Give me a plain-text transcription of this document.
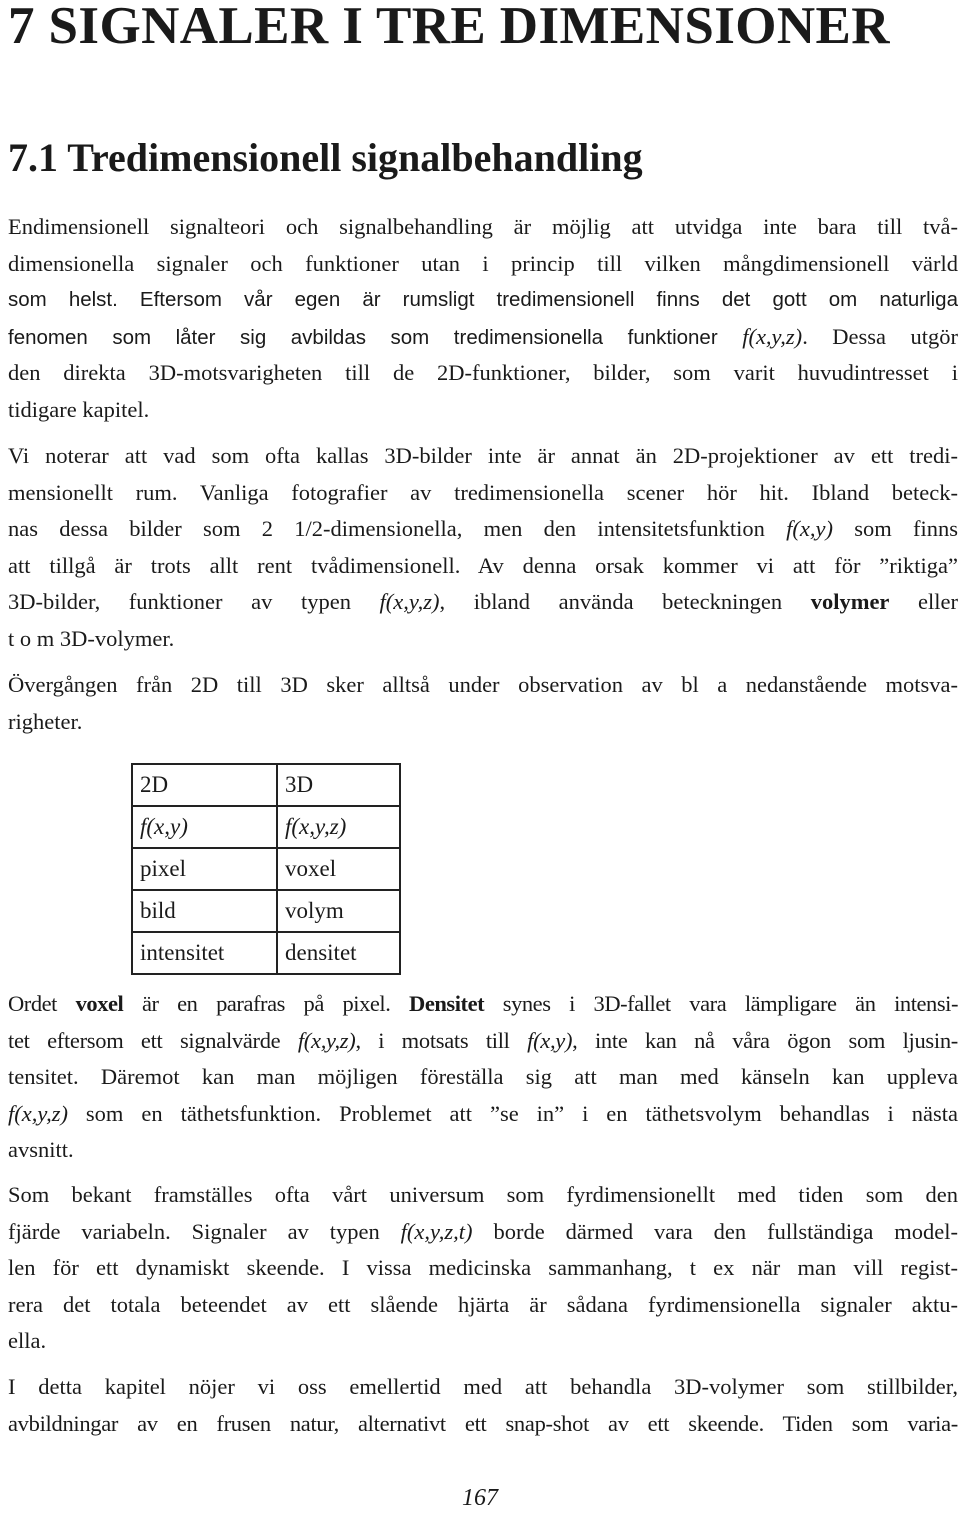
7 SIGNALER I TRE DIMENSIONER
7.1 Tredimensionell signalbehandling
Endimensionell signalteori och signalbehandling är möjlig att utvidga inte bara till två-
dimensionella signaler och funktioner utan i princip till vilken mångdimensionell värld
som helst. Eftersom vår egen är rumsligt tredimensionell finns det gott om naturliga
fenomen som låter sig avbildas som tredimensionella funktioner f(x,y,z). Dessa utgör
den direkta 3D-motsvarigheten till de 2D-funktioner, bilder, som varit huvudintresset i
tidigare kapitel.
Vi noterar att vad som ofta kallas 3D-bilder inte är annat än 2D-projektioner av ett tredi-
mensionellt rum. Vanliga fotografier av tredimensionella scener hör hit. Ibland beteck-
nas dessa bilder som 2 1/2-dimensionella, men den intensitetsfunktion f(x,y) som finns
att tillgå är trots allt rent tvådimensionell. Av denna orsak kommer vi att för ”riktiga”
3D-bilder, funktioner av typen f(x,y,z), ibland använda beteckningen volymer eller
t o m 3D-volymer.
Övergången från 2D till 3D sker alltså under observation av bl a nedanstående motsva-
righeter.
2D	3D
f(x,y)	f(x,y,z)
pixel	voxel
bild	volym
intensitet	densitet
Ordet voxel är en parafras på pixel. Densitet synes i 3D-fallet vara lämpligare än intensi-
tet eftersom ett signalvärde f(x,y,z), i motsats till f(x,y), inte kan nå våra ögon som ljusin-
tensitet. Däremot kan man möjligen föreställa sig att man med känseln kan uppleva
f(x,y,z) som en täthetsfunktion. Problemet att ”se in” i en täthetsvolym behandlas i nästa
avsnitt.
Som bekant framställes ofta vårt universum som fyrdimensionellt med tiden som den
fjärde variabeln. Signaler av typen f(x,y,z,t) borde därmed vara den fullständiga model-
len för ett dynamiskt skeende. I vissa medicinska sammanhang, t ex när man vill regist-
rera det totala beteendet av ett slående hjärta är sådana fyrdimensionella signaler aktu-
ella.
I detta kapitel nöjer vi oss emellertid med att behandla 3D-volymer som stillbilder,
avbildningar av en frusen natur, alternativt ett snap-shot av ett skeende. Tiden som varia-
167
